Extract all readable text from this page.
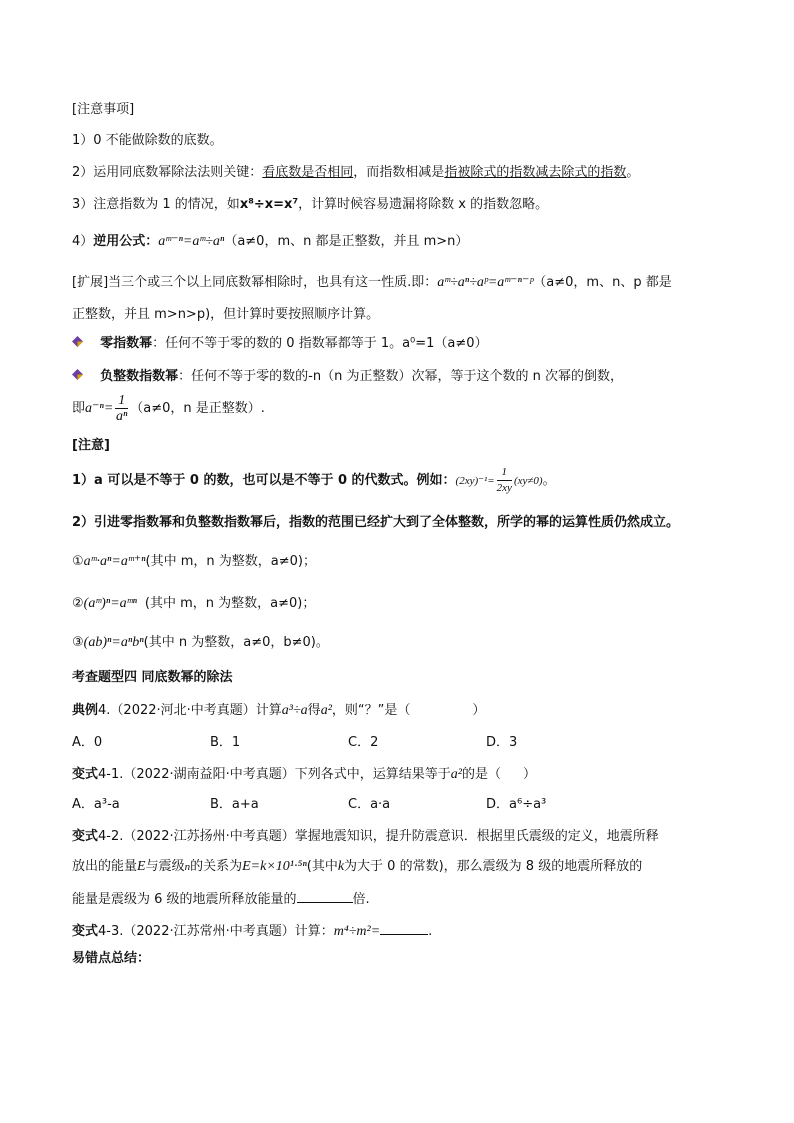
[注意事项]
1）0 不能做除数的底数。
2）运用同底数幂除法法则关键：看底数是否相同，而指数相减是指被除式的指数减去除式的指数。
3）注意指数为 1 的情况，如x⁸÷x=x⁷，计算时候容易遗漏将除数 x 的指数忽略。
4）逆用公式：aᵐ⁻ⁿ=aᵐ÷aⁿ（a≠0，m、n 都是正整数，并且 m>n）
[扩展]当三个或三个以上同底数幂相除时，也具有这一性质.即：aᵐ÷aⁿ÷aᵖ=aᵐ⁻ⁿ⁻ᵖ（a≠0，m、n、p 都是
正整数，并且 m>n>p)，但计算时要按照顺序计算。
零指数幂：任何不等于零的数的 0 指数幂都等于 1。a⁰=1（a≠0）
负整数指数幂：任何不等于零的数的-n（n 为正整数）次幂，等于这个数的 n 次幂的倒数，
即$a^{-n}= \frac{1}{\text{aⁿ}} (a\ne 0$，n 是正整数）.
[注意]
1）a 可以是不等于 0 的数，也可以是不等于 0 的代数式。例如：$(2xy)^{-1}= \frac{1}{2xy} (xy\ne 0)$。
2）引进零指数幂和负整数指数幂后，指数的范围已经扩大到了全体整数，所学的幂的运算性质仍然成立。
①aᵐ·aⁿ=aᵐ⁺ⁿ(其中 m，n 为整数，a≠0)；
②(aᵐ)ⁿ=aᵐⁿ (其中 m，n 为整数，a≠0)；
③(ab)ⁿ=aⁿbⁿ(其中 n 为整数，a≠0，b≠0)。
考查题型四 同底数幂的除法
典例4.（2022·河北·中考真题）计算a³÷a得a²，则“？”是（	）
A．0	B．1	C．2	D．3
变式4-1.（2022·湖南益阳·中考真题）下列各式中，运算结果等于a²的是（ ）
A．a³-a	B．a+a	C．a·a	D．a⁶÷a³
变式4-2.（2022·江苏扬州·中考真题）掌握地震知识，提升防震意识．根据里氏震级的定义，地震所释
放出的能量E与震级n的关系为E=k×10¹·⁵ⁿ(其中k为大于 0 的常数)，那么震级为 8 级的地震所释放的
能量是震级为 6 级的地震所释放能量的	倍.
变式4-3.（2022·江苏常州·中考真题）计算：m⁴÷m²=	.
易错点总结：
